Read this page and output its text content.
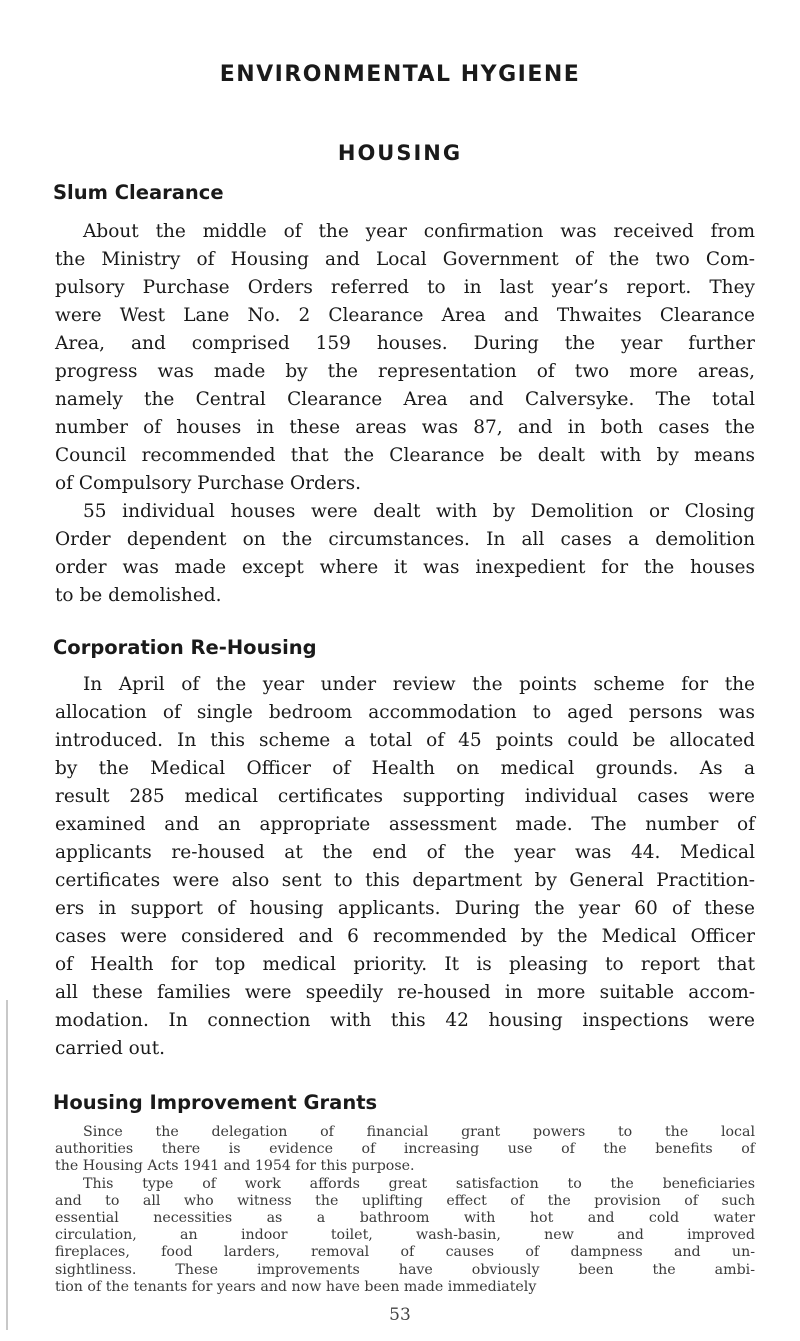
ENVIRONMENTAL HYGIENE
HOUSING
Slum Clearance

About the middle of the year confirmation was received from

the Ministry of Housing and Local Government of the two Com-

pulsory Purchase Orders referred to in last year’s report. They

were West Lane No. 2 Clearance Area and Thwaites Clearance

Area, and comprised 159 houses. During the year further

progress was made by the representation of two more areas,

namely the Central Clearance Area and Calversyke. The total

number of houses in these areas was 87, and in both cases the

Council recommended that the Clearance be dealt with by means

of Compulsory Purchase Orders.

55 individual houses were dealt with by Demolition or Closing

Order dependent on the circumstances. In all cases a demolition

order was made except where it was inexpedient for the houses

to be demolished.

Corporation Re-Housing

In April of the year under review the points scheme for the

allocation of single bedroom accommodation to aged persons was

introduced. In this scheme a total of 45 points could be allocated

by the Medical Officer of Health on medical grounds. As a

result 285 medical certificates supporting individual cases were

examined and an appropriate assessment made. The number of

applicants re-housed at the end of the year was 44. Medical

certificates were also sent to this department by General Practition-

ers in support of housing applicants. During the year 60 of these

cases were considered and 6 recommended by the Medical Officer

of Health for top medical priority. It is pleasing to report that

all these families were speedily re-housed in more suitable accom-

modation. In connection with this 42 housing inspections were

carried out.

Housing Improvement Grants

Since the delegation of financial grant powers to the local

authorities there is evidence of increasing use of the benefits of

the Housing Acts 1941 and 1954 for this purpose.

This type of work affords great satisfaction to the beneficiaries

and to all who witness the uplifting effect of the provision of such

essential necessities as a bathroom with hot and cold water

circulation, an indoor toilet, wash-basin, new and improved

fireplaces, food larders, removal of causes of dampness and un-

sightliness. These improvements have obviously been the ambi-

tion of the tenants for years and now have been made immediately

53
